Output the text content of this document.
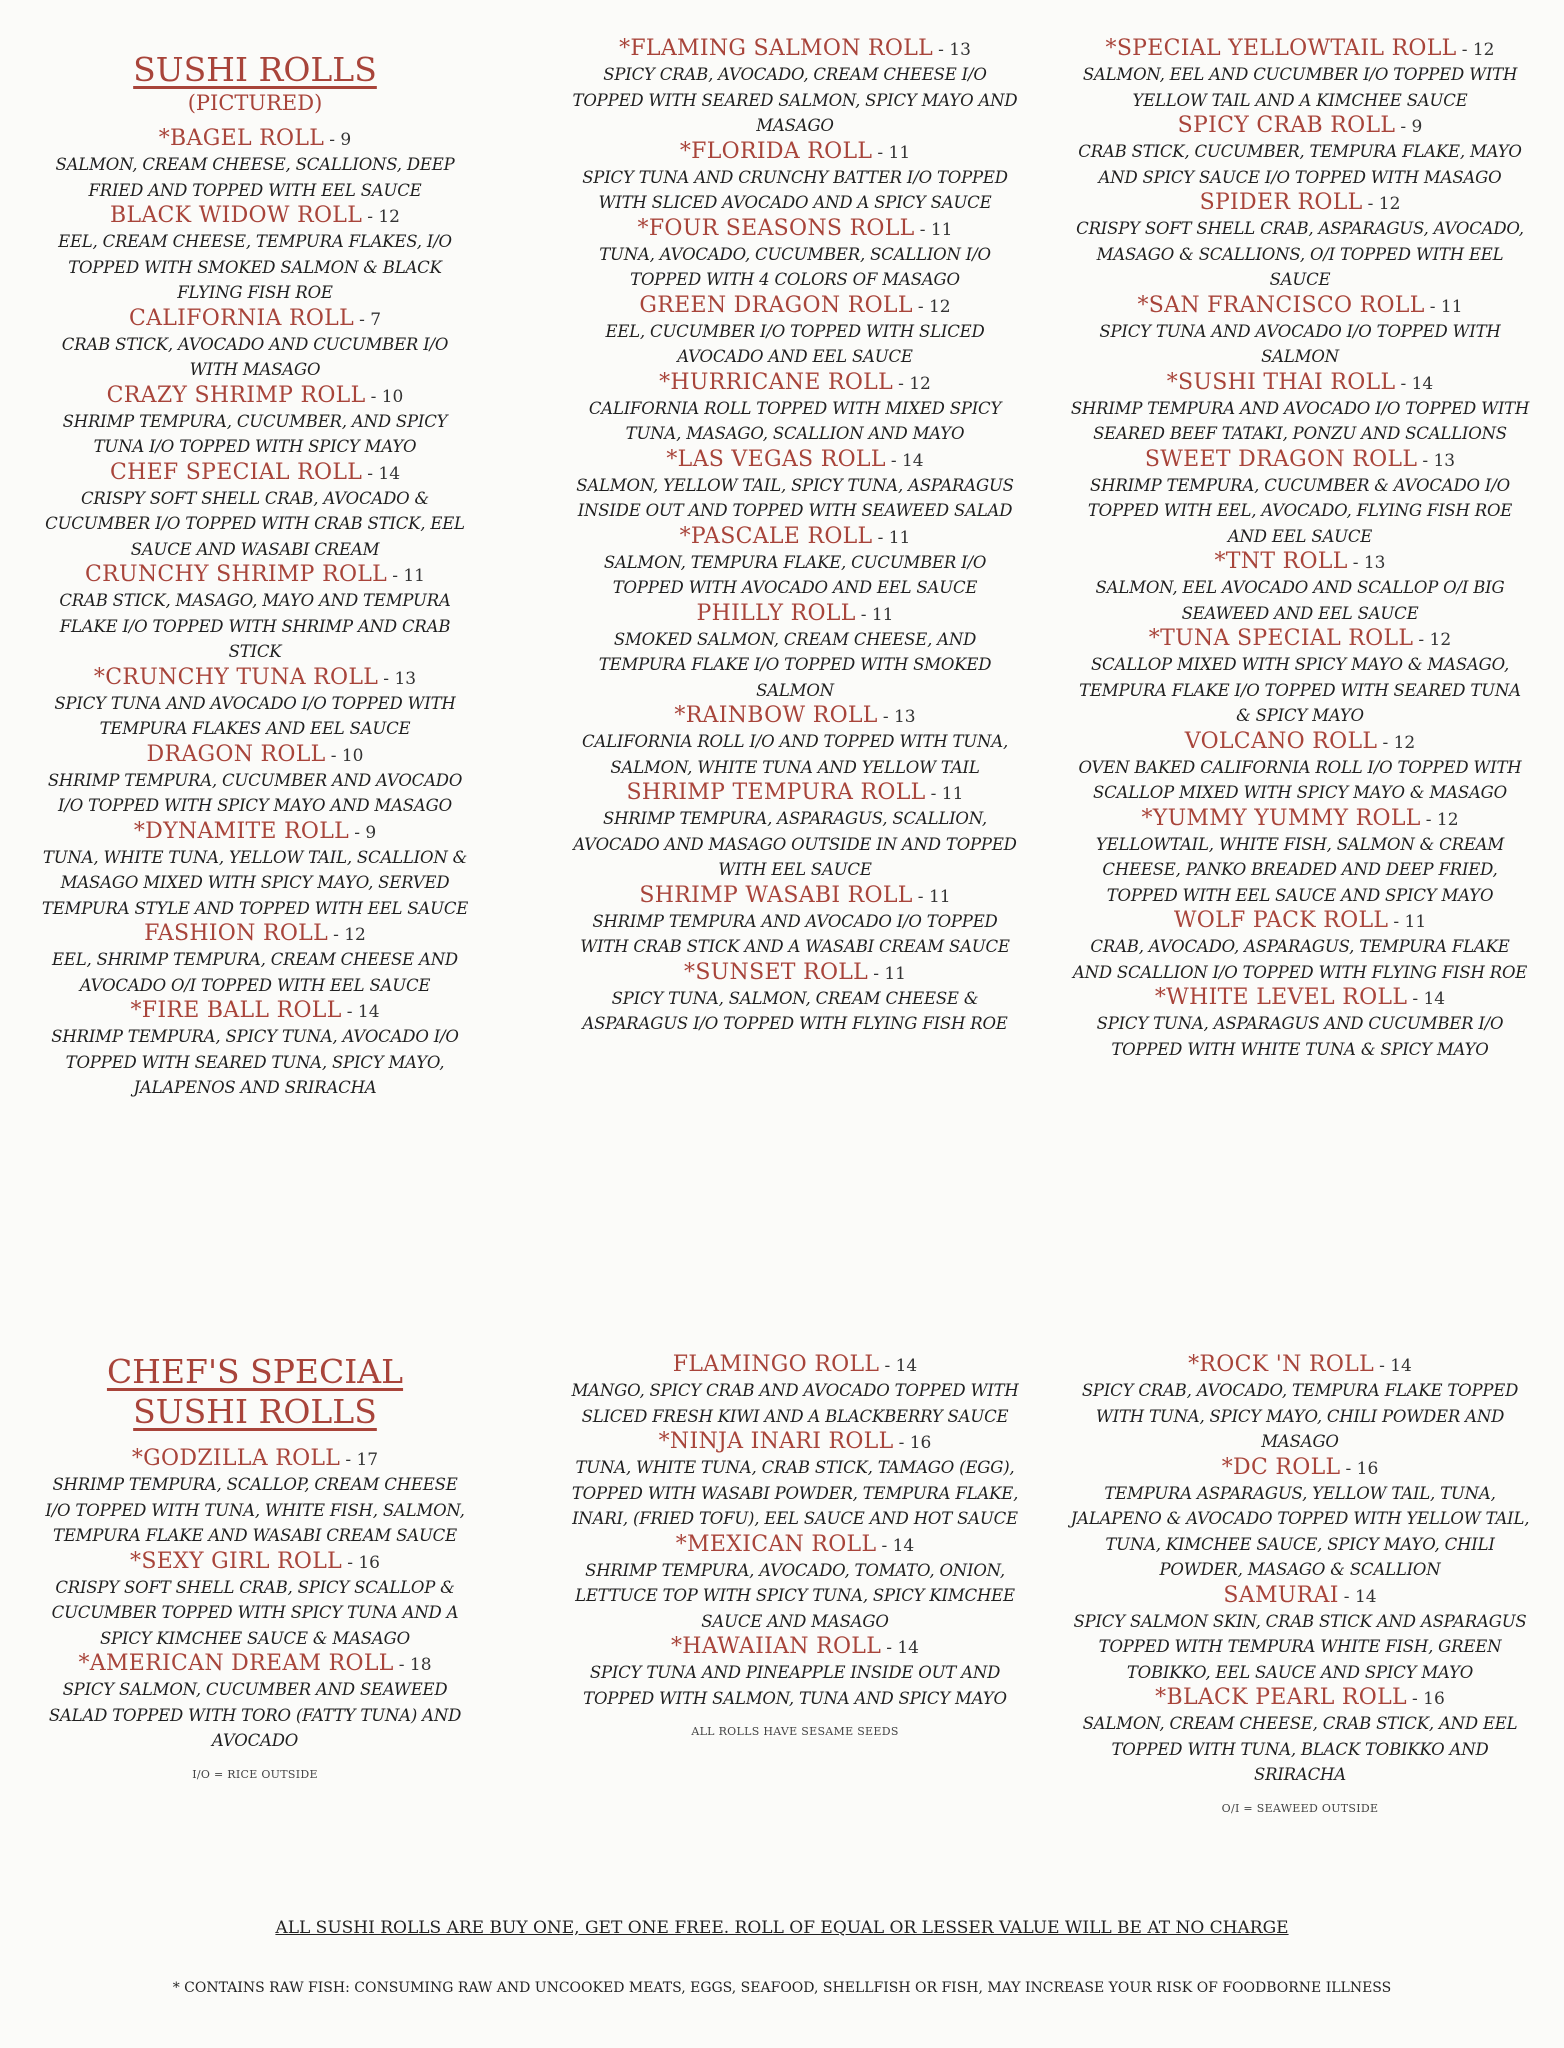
SUSHI ROLLS
(PICTURED)
*BAGEL ROLL - 9
SALMON, CREAM CHEESE, SCALLIONS, DEEP FRIED AND TOPPED WITH EEL SAUCE
BLACK WIDOW ROLL - 12
EEL, CREAM CHEESE, TEMPURA FLAKES, I/O TOPPED WITH SMOKED SALMON & BLACK FLYING FISH ROE
CALIFORNIA ROLL - 7
CRAB STICK, AVOCADO AND CUCUMBER I/O WITH MASAGO
CRAZY SHRIMP ROLL - 10
SHRIMP TEMPURA, CUCUMBER, AND SPICY TUNA I/O TOPPED WITH SPICY MAYO
CHEF SPECIAL ROLL - 14
CRISPY SOFT SHELL CRAB, AVOCADO & CUCUMBER I/O TOPPED WITH CRAB STICK, EEL SAUCE AND WASABI CREAM
CRUNCHY SHRIMP ROLL - 11
CRAB STICK, MASAGO, MAYO AND TEMPURA FLAKE I/O TOPPED WITH SHRIMP AND CRAB STICK
*CRUNCHY TUNA ROLL - 13
SPICY TUNA AND AVOCADO I/O TOPPED WITH TEMPURA FLAKES AND EEL SAUCE
DRAGON ROLL - 10
SHRIMP TEMPURA, CUCUMBER AND AVOCADO I/O TOPPED WITH SPICY MAYO AND MASAGO
*DYNAMITE ROLL - 9
TUNA, WHITE TUNA, YELLOW TAIL, SCALLION & MASAGO MIXED WITH SPICY MAYO, SERVED TEMPURA STYLE AND TOPPED WITH EEL SAUCE
FASHION ROLL - 12
EEL, SHRIMP TEMPURA, CREAM CHEESE AND AVOCADO O/I TOPPED WITH EEL SAUCE
*FIRE BALL ROLL - 14
SHRIMP TEMPURA, SPICY TUNA, AVOCADO I/O TOPPED WITH SEARED TUNA, SPICY MAYO, JALAPENOS AND SRIRACHA
*FLAMING SALMON ROLL - 13
SPICY CRAB, AVOCADO, CREAM CHEESE I/O TOPPED WITH SEARED SALMON, SPICY MAYO AND MASAGO
*FLORIDA ROLL - 11
SPICY TUNA AND CRUNCHY BATTER I/O TOPPED WITH SLICED AVOCADO AND A SPICY SAUCE
*FOUR SEASONS ROLL - 11
TUNA, AVOCADO, CUCUMBER, SCALLION I/O TOPPED WITH 4 COLORS OF MASAGO
GREEN DRAGON ROLL - 12
EEL, CUCUMBER I/O TOPPED WITH SLICED AVOCADO AND EEL SAUCE
*HURRICANE ROLL - 12
CALIFORNIA ROLL TOPPED WITH MIXED SPICY TUNA, MASAGO, SCALLION AND MAYO
*LAS VEGAS ROLL - 14
SALMON, YELLOW TAIL, SPICY TUNA, ASPARAGUS INSIDE OUT AND TOPPED WITH SEAWEED SALAD
*PASCALE ROLL - 11
SALMON, TEMPURA FLAKE, CUCUMBER I/O TOPPED WITH AVOCADO AND EEL SAUCE
PHILLY ROLL - 11
SMOKED SALMON, CREAM CHEESE, AND TEMPURA FLAKE I/O TOPPED WITH SMOKED SALMON
*RAINBOW ROLL - 13
CALIFORNIA ROLL I/O AND TOPPED WITH TUNA, SALMON, WHITE TUNA AND YELLOW TAIL
SHRIMP TEMPURA ROLL - 11
SHRIMP TEMPURA, ASPARAGUS, SCALLION, AVOCADO AND MASAGO OUTSIDE IN AND TOPPED WITH EEL SAUCE
SHRIMP WASABI ROLL - 11
SHRIMP TEMPURA AND AVOCADO I/O TOPPED WITH CRAB STICK AND A WASABI CREAM SAUCE
*SUNSET ROLL - 11
SPICY TUNA, SALMON, CREAM CHEESE & ASPARAGUS I/O TOPPED WITH FLYING FISH ROE
*SPECIAL YELLOWTAIL ROLL - 12
SALMON, EEL AND CUCUMBER I/O TOPPED WITH YELLOW TAIL AND A KIMCHEE SAUCE
SPICY CRAB ROLL - 9
CRAB STICK, CUCUMBER, TEMPURA FLAKE, MAYO AND SPICY SAUCE I/O TOPPED WITH MASAGO
SPIDER ROLL - 12
CRISPY SOFT SHELL CRAB, ASPARAGUS, AVOCADO, MASAGO & SCALLIONS, O/I TOPPED WITH EEL SAUCE
*SAN FRANCISCO ROLL - 11
SPICY TUNA AND AVOCADO I/O TOPPED WITH SALMON
*SUSHI THAI ROLL - 14
SHRIMP TEMPURA AND AVOCADO I/O TOPPED WITH SEARED BEEF TATAKI, PONZU AND SCALLIONS
SWEET DRAGON ROLL - 13
SHRIMP TEMPURA, CUCUMBER & AVOCADO I/O TOPPED WITH EEL, AVOCADO, FLYING FISH ROE AND EEL SAUCE
*TNT ROLL - 13
SALMON, EEL AVOCADO AND SCALLOP O/I BIG SEAWEED AND EEL SAUCE
*TUNA SPECIAL ROLL - 12
SCALLOP MIXED WITH SPICY MAYO & MASAGO, TEMPURA FLAKE I/O TOPPED WITH SEARED TUNA & SPICY MAYO
VOLCANO ROLL - 12
OVEN BAKED CALIFORNIA ROLL I/O TOPPED WITH SCALLOP MIXED WITH SPICY MAYO & MASAGO
*YUMMY YUMMY ROLL - 12
YELLOWTAIL, WHITE FISH, SALMON & CREAM CHEESE, PANKO BREADED AND DEEP FRIED, TOPPED WITH EEL SAUCE AND SPICY MAYO
WOLF PACK ROLL - 11
CRAB, AVOCADO, ASPARAGUS, TEMPURA FLAKE AND SCALLION I/O TOPPED WITH FLYING FISH ROE
*WHITE LEVEL ROLL - 14
SPICY TUNA, ASPARAGUS AND CUCUMBER I/O TOPPED WITH WHITE TUNA & SPICY MAYO
CHEF'S SPECIAL
SUSHI ROLLS
*GODZILLA ROLL - 17
SHRIMP TEMPURA, SCALLOP, CREAM CHEESE I/O TOPPED WITH TUNA, WHITE FISH, SALMON, TEMPURA FLAKE AND WASABI CREAM SAUCE
*SEXY GIRL ROLL - 16
CRISPY SOFT SHELL CRAB, SPICY SCALLOP & CUCUMBER TOPPED WITH SPICY TUNA AND A SPICY KIMCHEE SAUCE & MASAGO
*AMERICAN DREAM ROLL - 18
SPICY SALMON, CUCUMBER AND SEAWEED SALAD TOPPED WITH TORO (FATTY TUNA) AND AVOCADO
I/O = RICE OUTSIDE
FLAMINGO ROLL - 14
MANGO, SPICY CRAB AND AVOCADO TOPPED WITH SLICED FRESH KIWI AND A BLACKBERRY SAUCE
*NINJA INARI ROLL - 16
TUNA, WHITE TUNA, CRAB STICK, TAMAGO (EGG), TOPPED WITH WASABI POWDER, TEMPURA FLAKE, INARI, (FRIED TOFU), EEL SAUCE AND HOT SAUCE
*MEXICAN ROLL - 14
SHRIMP TEMPURA, AVOCADO, TOMATO, ONION, LETTUCE TOP WITH SPICY TUNA, SPICY KIMCHEE SAUCE AND MASAGO
*HAWAIIAN ROLL - 14
SPICY TUNA AND PINEAPPLE INSIDE OUT AND TOPPED WITH SALMON, TUNA AND SPICY MAYO
ALL ROLLS HAVE SESAME SEEDS
*ROCK 'N ROLL - 14
SPICY CRAB, AVOCADO, TEMPURA FLAKE TOPPED WITH TUNA, SPICY MAYO, CHILI POWDER AND MASAGO
*DC ROLL - 16
TEMPURA ASPARAGUS, YELLOW TAIL, TUNA, JALAPENO & AVOCADO TOPPED WITH YELLOW TAIL, TUNA, KIMCHEE SAUCE, SPICY MAYO, CHILI POWDER, MASAGO & SCALLION
SAMURAI - 14
SPICY SALMON SKIN, CRAB STICK AND ASPARAGUS TOPPED WITH TEMPURA WHITE FISH, GREEN TOBIKKO, EEL SAUCE AND SPICY MAYO
*BLACK PEARL ROLL - 16
SALMON, CREAM CHEESE, CRAB STICK, AND EEL TOPPED WITH TUNA, BLACK TOBIKKO AND SRIRACHA
O/I = SEAWEED OUTSIDE
ALL SUSHI ROLLS ARE BUY ONE, GET ONE FREE. ROLL OF EQUAL OR LESSER VALUE WILL BE AT NO CHARGE
* CONTAINS RAW FISH: CONSUMING RAW AND UNCOOKED MEATS, EGGS, SEAFOOD, SHELLFISH OR FISH, MAY INCREASE YOUR RISK OF FOODBORNE ILLNESS
